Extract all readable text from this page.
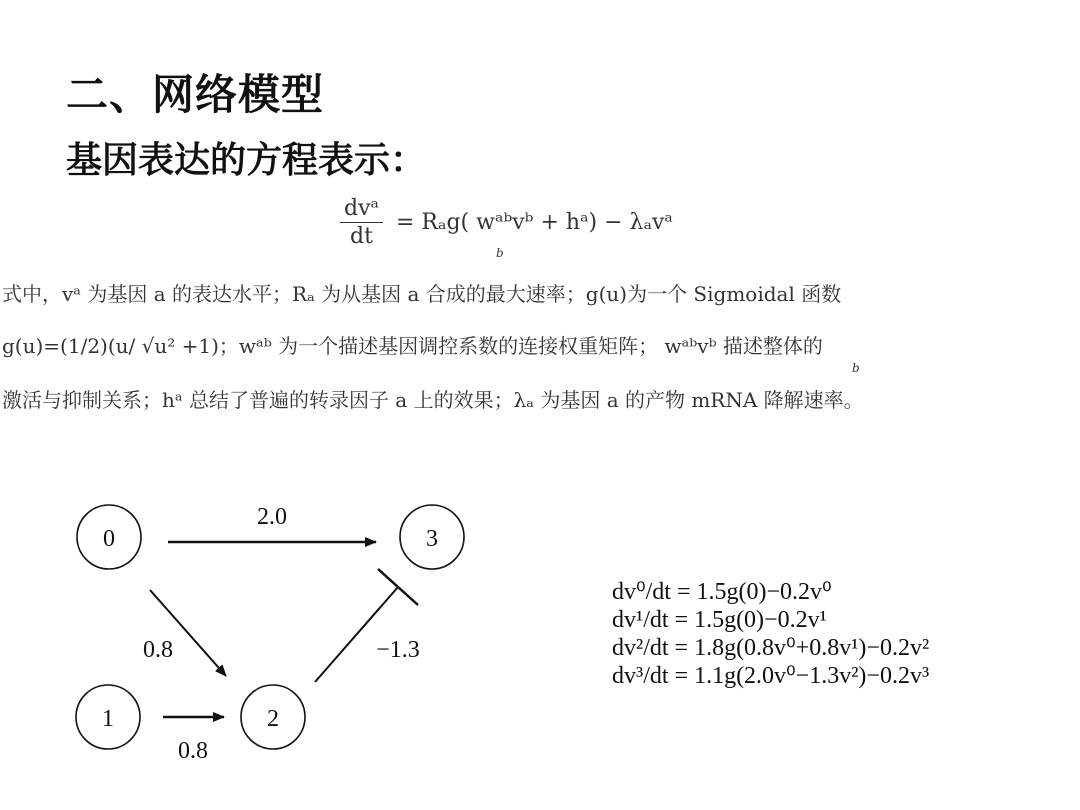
二、网络模型
基因表达的方程表示：
$\frac{\text{dvᵃ}}{dt} = R_ag$( wᵃᵇvᵇ + hᵃ) − λₐvᵃ
b
式中，vᵃ 为基因 a 的表达水平；Rₐ 为从基因 a 合成的最大速率；g(u)为一个 Sigmoidal 函数
g(u)=(1/2)(u/ √u² +1)；wᵃᵇ 为一个描述基因调控系数的连接权重矩阵； wᵃᵇvᵇ 描述整体的
b
激活与抑制关系；hᵃ 总结了普遍的转录因子 a 上的效果；λₐ 为基因 a 的产物 mRNA 降解速率。
0	3
1	2
2.0
0.8
0.8
−1.3
dv⁰/dt = 1.5g(0)−0.2v⁰
dv¹/dt = 1.5g(0)−0.2v¹
dv²/dt = 1.8g(0.8v⁰+0.8v¹)−0.2v²
dv³/dt = 1.1g(2.0v⁰−1.3v²)−0.2v³
